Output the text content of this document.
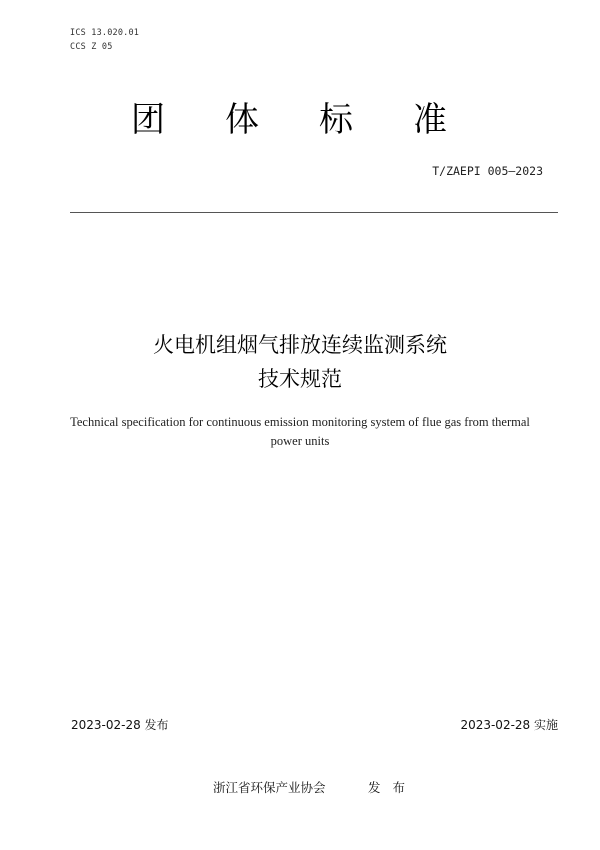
ICS 13.020.01
CCS Z 05
团体标准
T/ZAEPI 005—2023
火电机组烟气排放连续监测系统
技术规范
Technical specification for continuous emission monitoring system of flue gas from thermal power units
2023-02-28 发布	2023-02-28 实施
浙江省环保产业协会	发布
